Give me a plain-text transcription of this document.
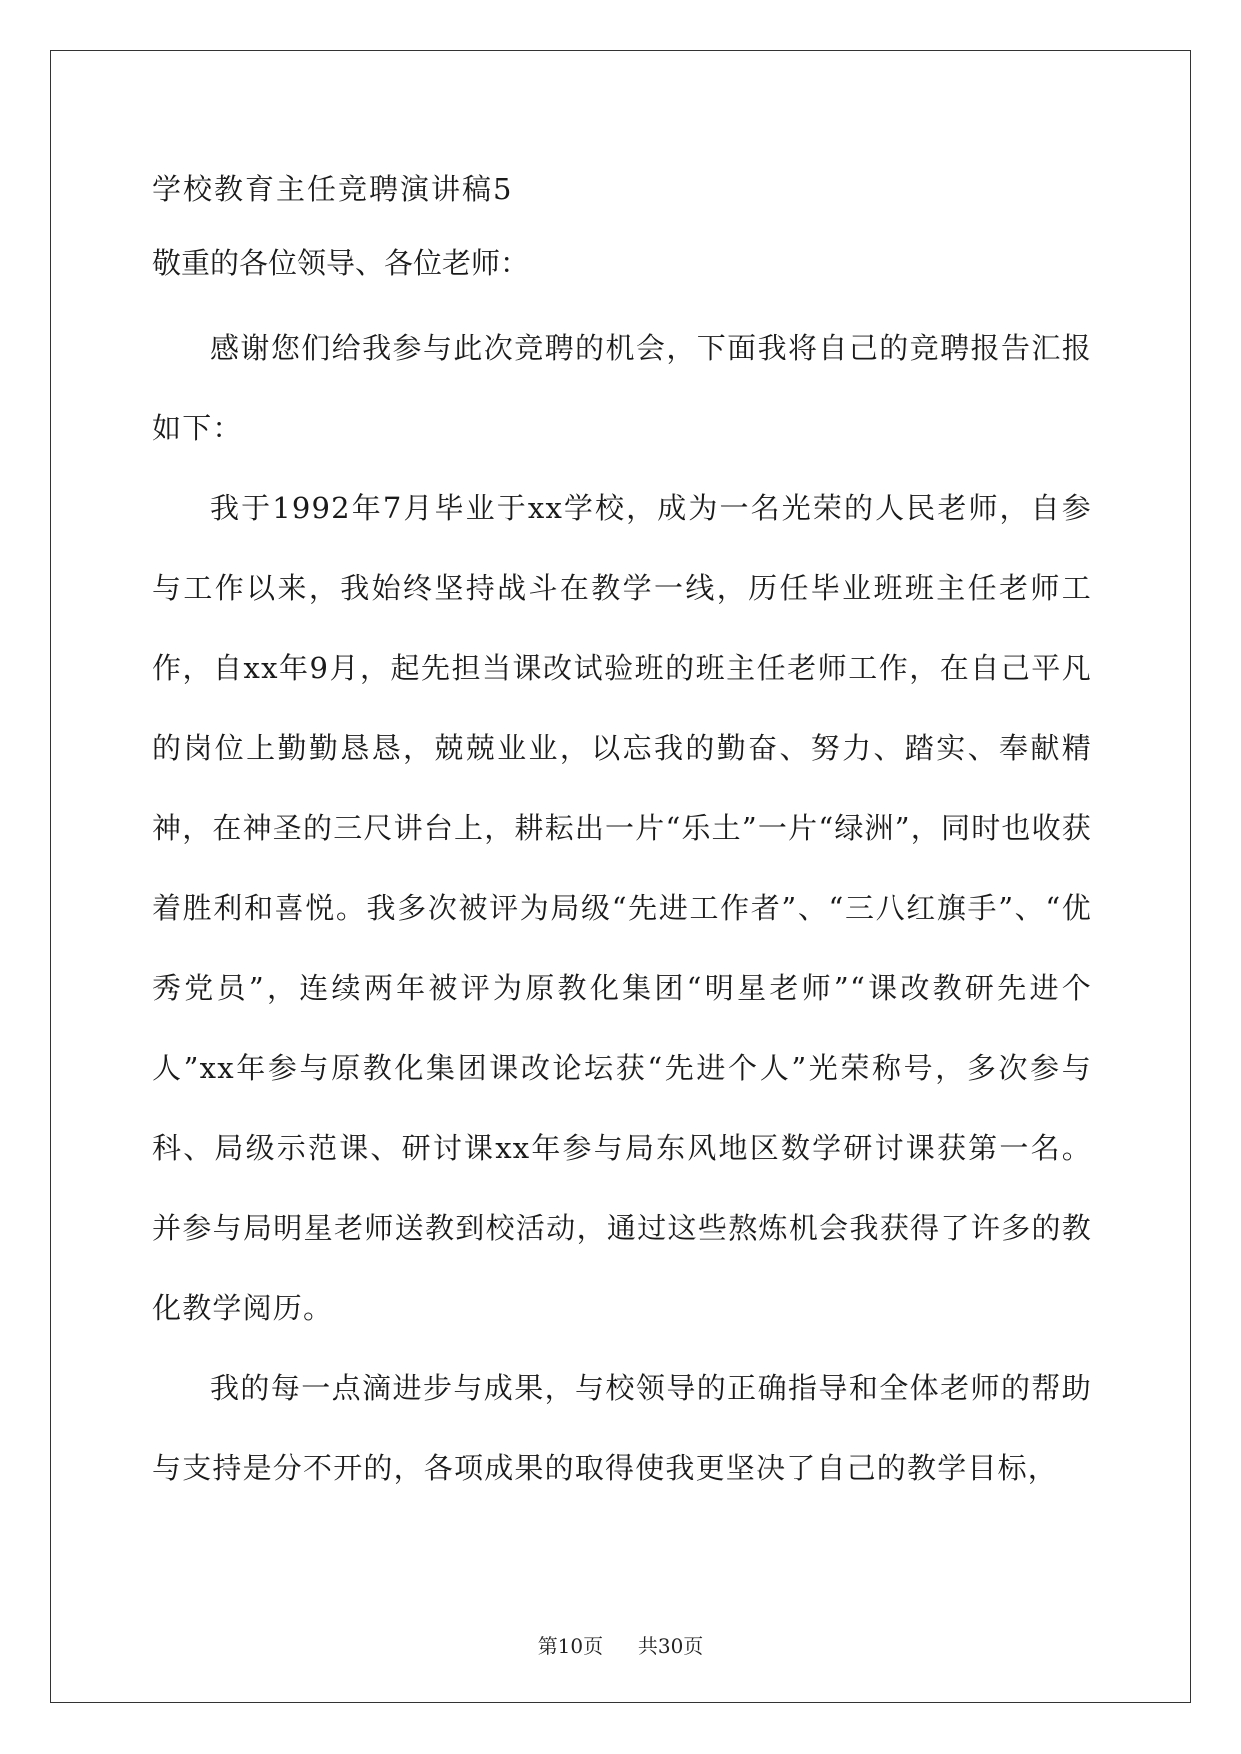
学校教育主任竞聘演讲稿5

敬重的各位领导、各位老师：

感谢您们给我参与此次竞聘的机会，下面我将自己的竞聘报告汇报如下：

我于1992年7月毕业于xx学校，成为一名光荣的人民老师，自参与工作以来，我始终坚持战斗在教学一线，历任毕业班班主任老师工作，自xx年9月，起先担当课改试验班的班主任老师工作，在自己平凡的岗位上勤勤恳恳，兢兢业业，以忘我的勤奋、努力、踏实、奉献精神，在神圣的三尺讲台上，耕耘出一片“乐土”一片“绿洲”，同时也收获着胜利和喜悦。我多次被评为局级“先进工作者”、“三八红旗手”、“优秀党员”，连续两年被评为原教化集团“明星老师”“课改教研先进个人”xx年参与原教化集团课改论坛获“先进个人”光荣称号，多次参与科、局级示范课、研讨课xx年参与局东风地区数学研讨课获第一名。并参与局明星老师送教到校活动，通过这些熬炼机会我获得了许多的教化教学阅历。

我的每一点滴进步与成果，与校领导的正确指导和全体老师的帮助与支持是分不开的，各项成果的取得使我更坚决了自己的教学目标，

第10页 共30页
